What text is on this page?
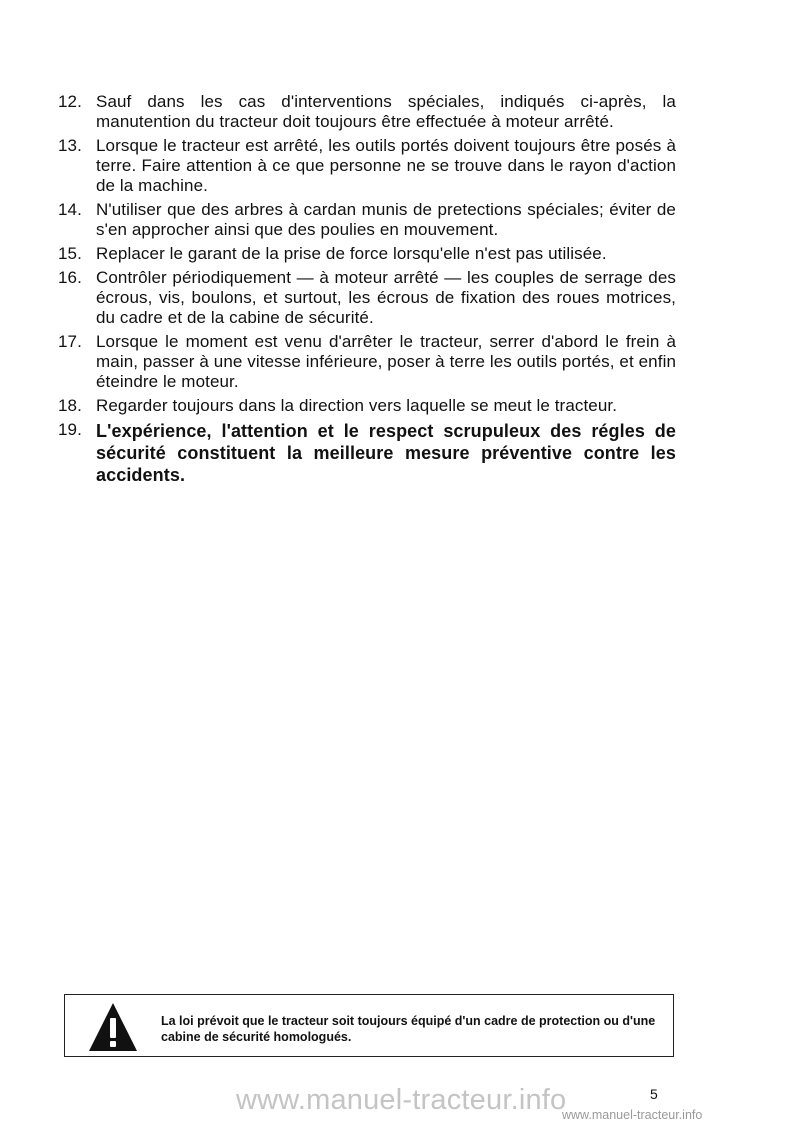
12. Sauf dans les cas d'interventions spéciales, indiqués ci-après, la manutention du tracteur doit toujours être effectuée à moteur arrêté.
13. Lorsque le tracteur est arrêté, les outils portés doivent toujours être posés à terre. Faire attention à ce que personne ne se trouve dans le rayon d'action de la machine.
14. N'utiliser que des arbres à cardan munis de pretections spéciales; éviter de s'en approcher ainsi que des poulies en mouvement.
15. Replacer le garant de la prise de force lorsqu'elle n'est pas utilisée.
16. Contrôler périodiquement — à moteur arrêté — les couples de serrage des écrous, vis, boulons, et surtout, les écrous de fixation des roues motrices, du cadre et de la cabine de sécurité.
17. Lorsque le moment est venu d'arrêter le tracteur, serrer d'abord le frein à main, passer à une vitesse inférieure, poser à terre les outils portés, et enfin éteindre le moteur.
18. Regarder toujours dans la direction vers laquelle se meut le tracteur.
19. L'expérience, l'attention et le respect scrupuleux des régles de sécurité constituent la meilleure mesure préventive contre les accidents.
La loi prévoit que le tracteur soit toujours équipé d'un cadre de protection ou d'une cabine de sécurité homologués.
www.manuel-tracteur.info	5
www.manuel-tracteur.info
